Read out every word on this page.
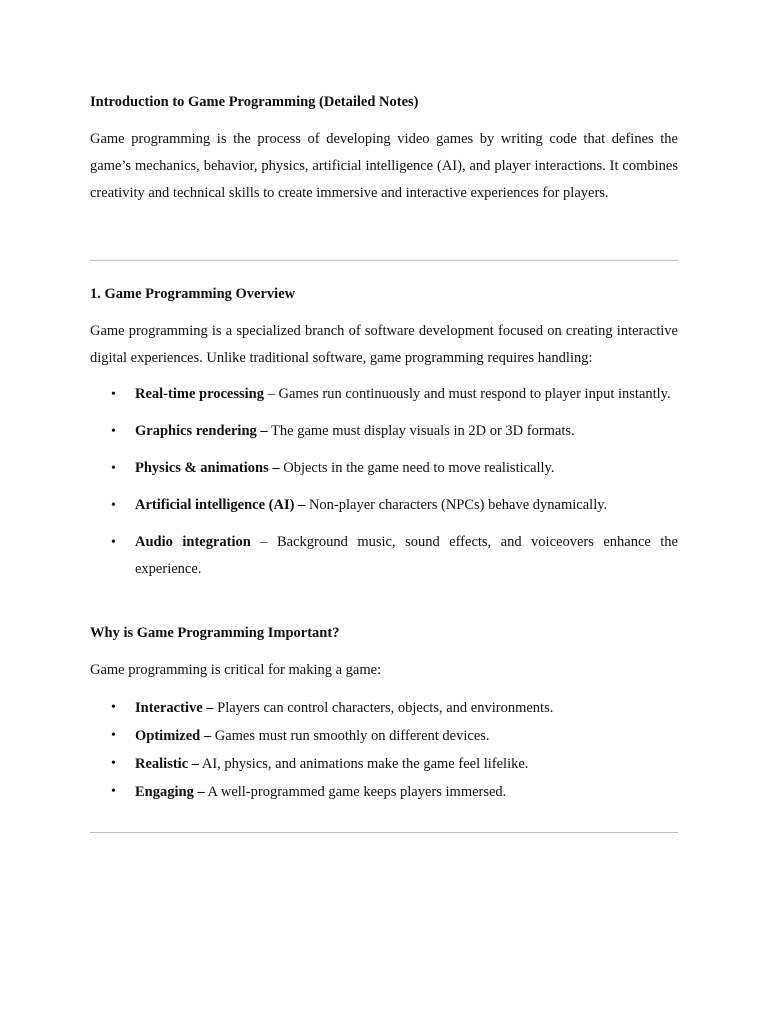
Introduction to Game Programming (Detailed Notes)

Game programming is the process of developing video games by writing code that defines the game’s mechanics, behavior, physics, artificial intelligence (AI), and player interactions. It combines creativity and technical skills to create immersive and interactive experiences for players.

1. Game Programming Overview

Game programming is a specialized branch of software development focused on creating interactive digital experiences. Unlike traditional software, game programming requires handling:

• Real-time processing – Games run continuously and must respond to player input instantly.
• Graphics rendering – The game must display visuals in 2D or 3D formats.
• Physics & animations – Objects in the game need to move realistically.
• Artificial intelligence (AI) – Non-player characters (NPCs) behave dynamically.
• Audio integration – Background music, sound effects, and voiceovers enhance the experience.
Why is Game Programming Important?

Game programming is critical for making a game:

• Interactive – Players can control characters, objects, and environments.
• Optimized – Games must run smoothly on different devices.
• Realistic – AI, physics, and animations make the game feel lifelike.
• Engaging – A well-programmed game keeps players immersed.
